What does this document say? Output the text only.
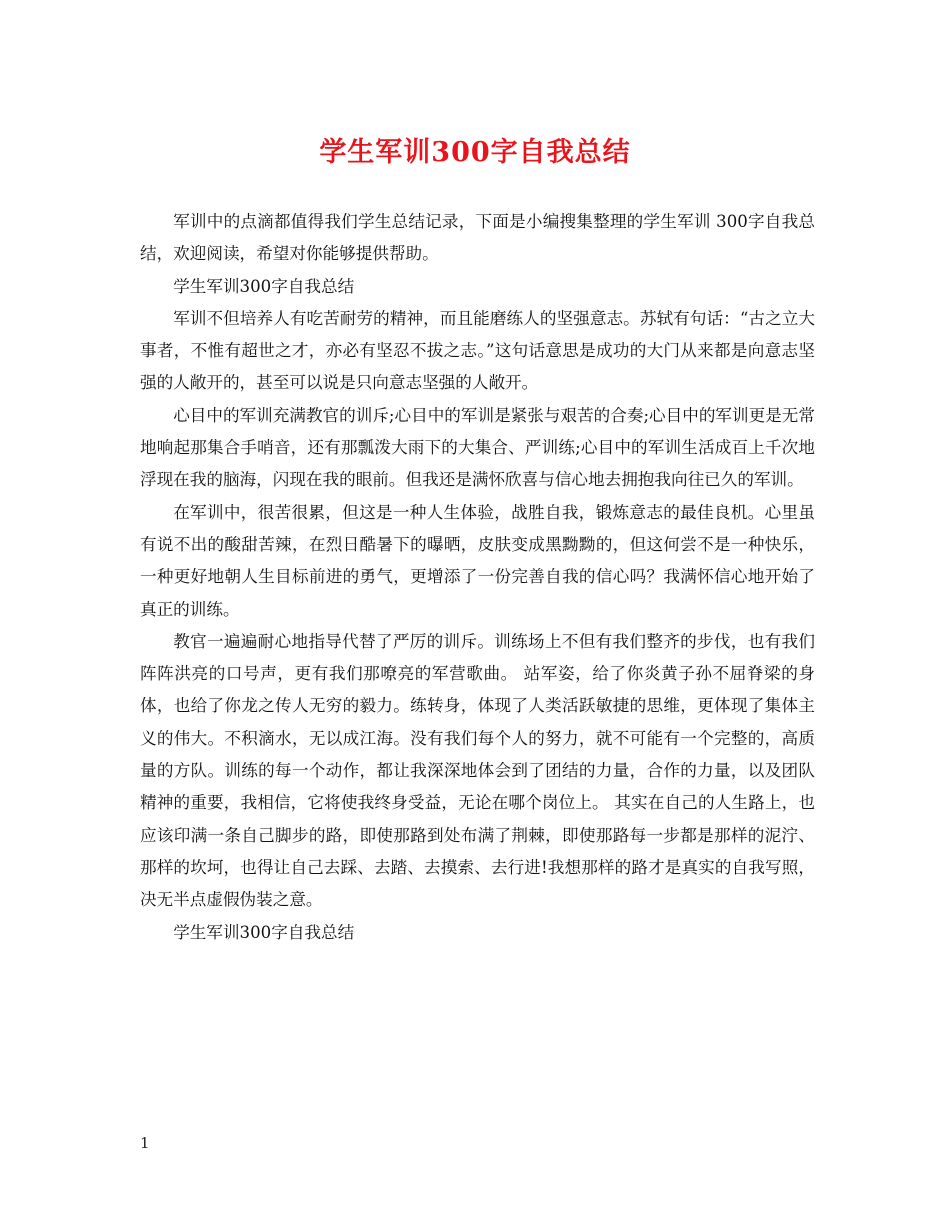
学生军训300字自我总结

军训中的点滴都值得我们学生总结记录，下面是小编搜集整理的学生军训 300字自我总结，欢迎阅读，希望对你能够提供帮助。

学生军训300字自我总结

军训不但培养人有吃苦耐劳的精神，而且能磨练人的坚强意志。苏轼有句话：“古之立大事者，不惟有超世之才，亦必有坚忍不拔之志。”这句话意思是成功的大门从来都是向意志坚强的人敞开的，甚至可以说是只向意志坚强的人敞开。

心目中的军训充满教官的训斥;心目中的军训是紧张与艰苦的合奏;心目中的军训更是无常地响起那集合手哨音，还有那瓢泼大雨下的大集合、严训练;心目中的军训生活成百上千次地浮现在我的脑海，闪现在我的眼前。但我还是满怀欣喜与信心地去拥抱我向往已久的军训。

在军训中，很苦很累，但这是一种人生体验，战胜自我，锻炼意志的最佳良机。心里虽有说不出的酸甜苦辣，在烈日酷暑下的曝晒，皮肤变成黑黝黝的，但这何尝不是一种快乐，一种更好地朝人生目标前进的勇气，更增添了一份完善自我的信心吗？我满怀信心地开始了真正的训练。

教官一遍遍耐心地指导代替了严厉的训斥。训练场上不但有我们整齐的步伐，也有我们阵阵洪亮的口号声，更有我们那嘹亮的军营歌曲。 站军姿，给了你炎黄子孙不屈脊梁的身体，也给了你龙之传人无穷的毅力。练转身，体现了人类活跃敏捷的思维，更体现了集体主义的伟大。不积滴水，无以成江海。没有我们每个人的努力，就不可能有一个完整的，高质量的方队。训练的每一个动作，都让我深深地体会到了团结的力量，合作的力量，以及团队精神的重要，我相信，它将使我终身受益，无论在哪个岗位上。 其实在自己的人生路上，也应该印满一条自己脚步的路，即使那路到处布满了荆棘，即使那路每一步都是那样的泥泞、那样的坎坷，也得让自己去踩、去踏、去摸索、去行进!我想那样的路才是真实的自我写照，决无半点虚假伪装之意。

学生军训300字自我总结

1
